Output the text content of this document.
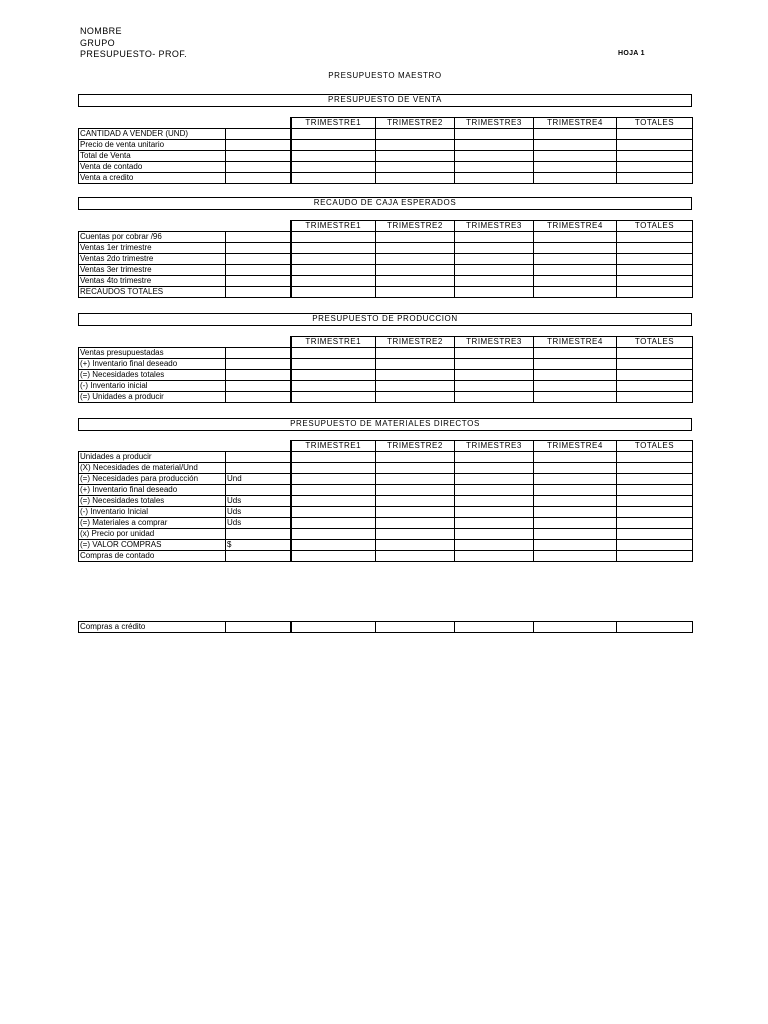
NOMBRE
GRUPO
PRESUPUESTO- PROF.	HOJA 1
PRESUPUESTO MAESTRO
PRESUPUESTO DE VENTA
		TRIMESTRE1	TRIMESTRE2	TRIMESTRE3	TRIMESTRE4	TOTALES
CANTIDAD A VENDER (UND)						
Precio de venta unitario						
Total de Venta						
Venta de contado						
Venta a credito						
RECAUDO DE CAJA ESPERADOS
		TRIMESTRE1	TRIMESTRE2	TRIMESTRE3	TRIMESTRE4	TOTALES
Cuentas por cobrar /96						
Ventas 1er trimestre						
Ventas 2do trimestre						
Ventas 3er trimestre						
Ventas 4to trimestre						
RECAUDOS TOTALES						
PRESUPUESTO DE PRODUCCION
		TRIMESTRE1	TRIMESTRE2	TRIMESTRE3	TRIMESTRE4	TOTALES
Ventas presupuestadas						
(+) Inventario final deseado						
(=) Necesidades totales						
(-) Inventario inicial						
(=) Unidades a producir						
PRESUPUESTO DE MATERIALES DIRECTOS
		TRIMESTRE1	TRIMESTRE2	TRIMESTRE3	TRIMESTRE4	TOTALES
Unidades a producir						
(X) Necesidades de material/Und						
(=) Necesidades para producción	Und					
(+) Inventario final deseado						
(=) Necesidades totales	Uds					
(-) Inventario Inicial	Uds					
(=) Materiales a comprar	Uds					
(x) Precio por unidad						
(=) VALOR COMPRAS	$					
Compras de contado						
Compras a crédito						
